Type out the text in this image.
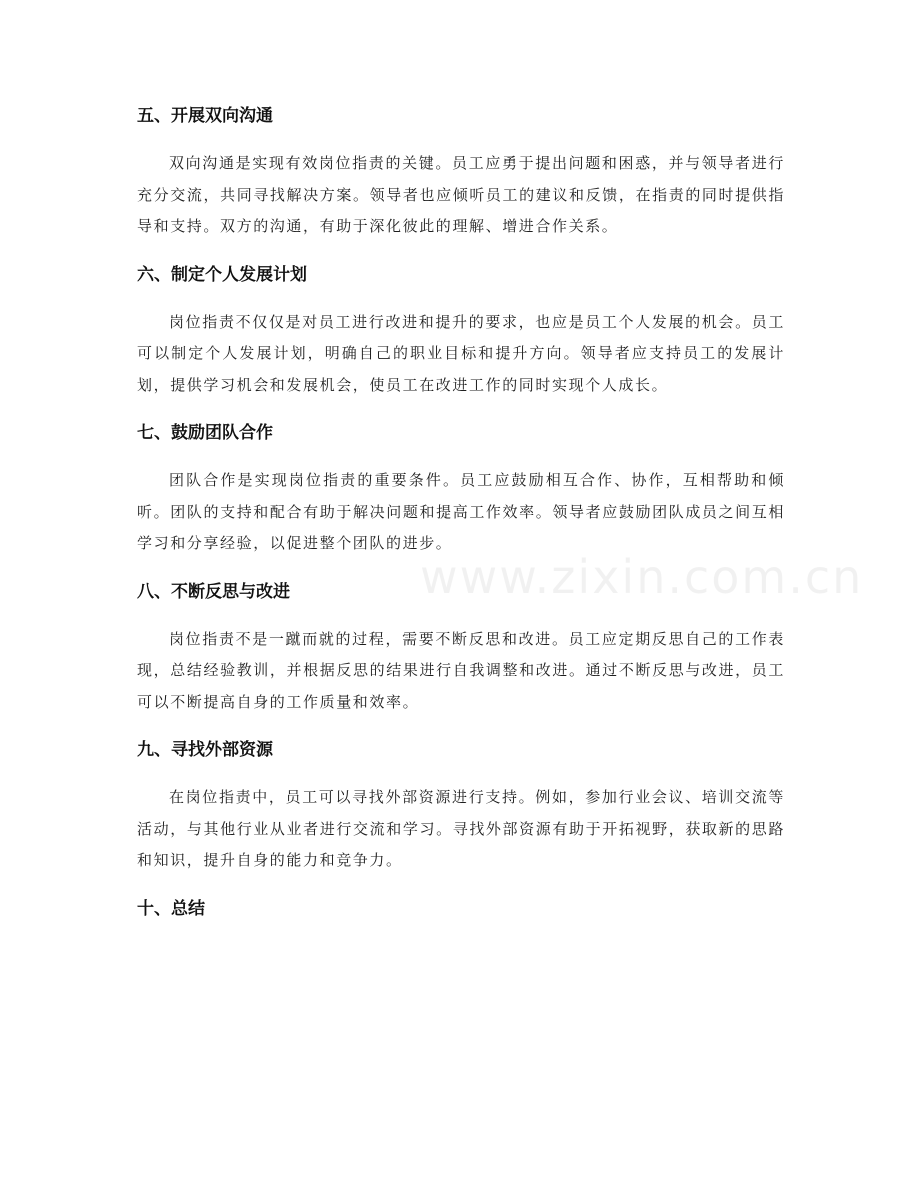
www.zixin.com.cn
五、开展双向沟通

双向沟通是实现有效岗位指责的关键。员工应勇于提出问题和困惑，并与领导者进行充分交流，共同寻找解决方案。领导者也应倾听员工的建议和反馈，在指责的同时提供指导和支持。双方的沟通，有助于深化彼此的理解、增进合作关系。

六、制定个人发展计划

岗位指责不仅仅是对员工进行改进和提升的要求，也应是员工个人发展的机会。员工可以制定个人发展计划，明确自己的职业目标和提升方向。领导者应支持员工的发展计划，提供学习机会和发展机会，使员工在改进工作的同时实现个人成长。

七、鼓励团队合作

团队合作是实现岗位指责的重要条件。员工应鼓励相互合作、协作，互相帮助和倾听。团队的支持和配合有助于解决问题和提高工作效率。领导者应鼓励团队成员之间互相学习和分享经验，以促进整个团队的进步。

八、不断反思与改进

岗位指责不是一蹴而就的过程，需要不断反思和改进。员工应定期反思自己的工作表现，总结经验教训，并根据反思的结果进行自我调整和改进。通过不断反思与改进，员工可以不断提高自身的工作质量和效率。

九、寻找外部资源

在岗位指责中，员工可以寻找外部资源进行支持。例如，参加行业会议、培训交流等活动，与其他行业从业者进行交流和学习。寻找外部资源有助于开拓视野，获取新的思路和知识，提升自身的能力和竞争力。

十、总结
